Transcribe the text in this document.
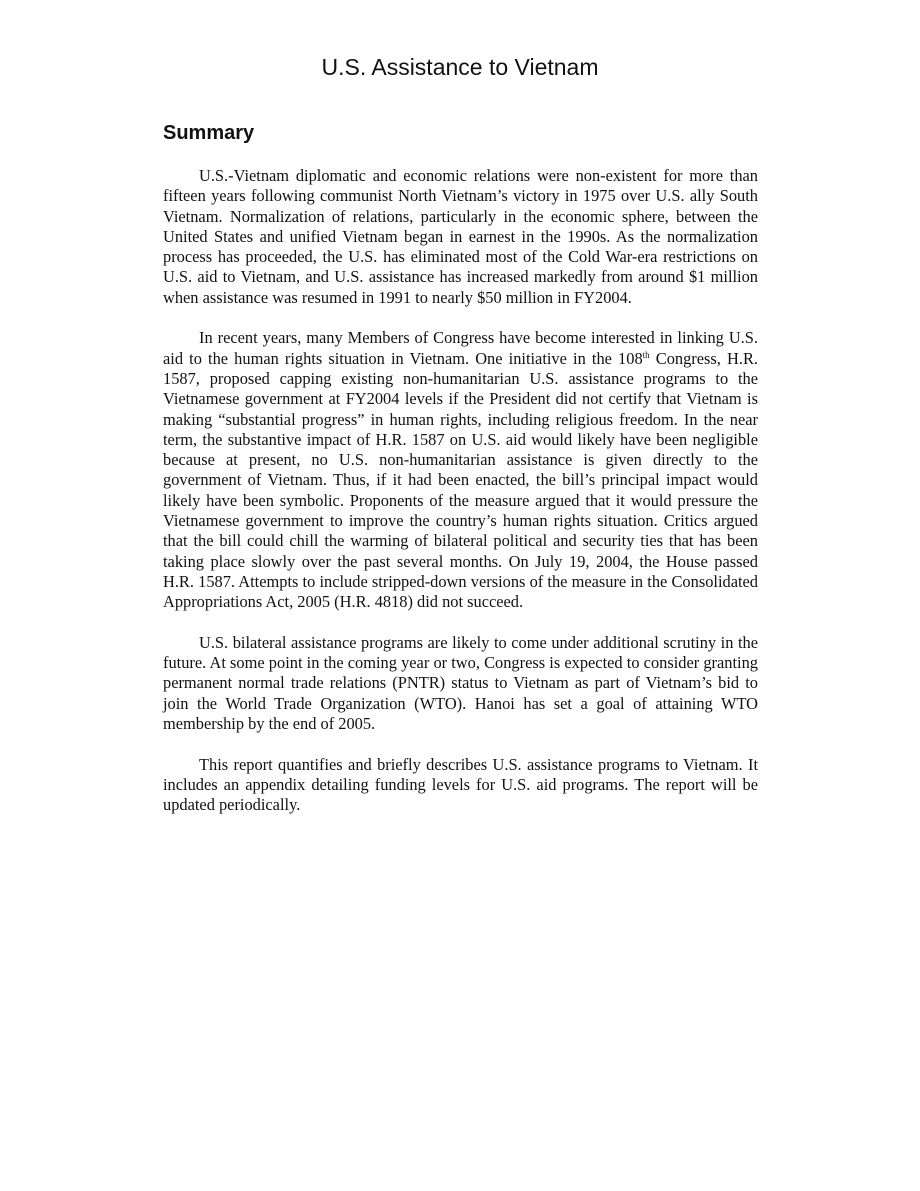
U.S. Assistance to Vietnam
Summary

U.S.-Vietnam diplomatic and economic relations were non-existent for more than fifteen years following communist North Vietnam’s victory in 1975 over U.S. ally South Vietnam. Normalization of relations, particularly in the economic sphere, between the United States and unified Vietnam began in earnest in the 1990s. As the normalization process has proceeded, the U.S. has eliminated most of the Cold War-era restrictions on U.S. aid to Vietnam, and U.S. assistance has increased markedly from around $1 million when assistance was resumed in 1991 to nearly $50 million in FY2004.

In recent years, many Members of Congress have become interested in linking U.S. aid to the human rights situation in Vietnam. One initiative in the 108th Congress, H.R. 1587, proposed capping existing non-humanitarian U.S. assistance programs to the Vietnamese government at FY2004 levels if the President did not certify that Vietnam is making “substantial progress” in human rights, including religious freedom. In the near term, the substantive impact of H.R. 1587 on U.S. aid would likely have been negligible because at present, no U.S. non-humanitarian assistance is given directly to the government of Vietnam. Thus, if it had been enacted, the bill’s principal impact would likely have been symbolic. Proponents of the measure argued that it would pressure the Vietnamese government to improve the country’s human rights situation. Critics argued that the bill could chill the warming of bilateral political and security ties that has been taking place slowly over the past several months. On July 19, 2004, the House passed H.R. 1587. Attempts to include stripped-down versions of the measure in the Consolidated Appropriations Act, 2005 (H.R. 4818) did not succeed.

U.S. bilateral assistance programs are likely to come under additional scrutiny in the future. At some point in the coming year or two, Congress is expected to consider granting permanent normal trade relations (PNTR) status to Vietnam as part of Vietnam’s bid to join the World Trade Organization (WTO). Hanoi has set a goal of attaining WTO membership by the end of 2005.

This report quantifies and briefly describes U.S. assistance programs to Vietnam. It includes an appendix detailing funding levels for U.S. aid programs. The report will be updated periodically.
